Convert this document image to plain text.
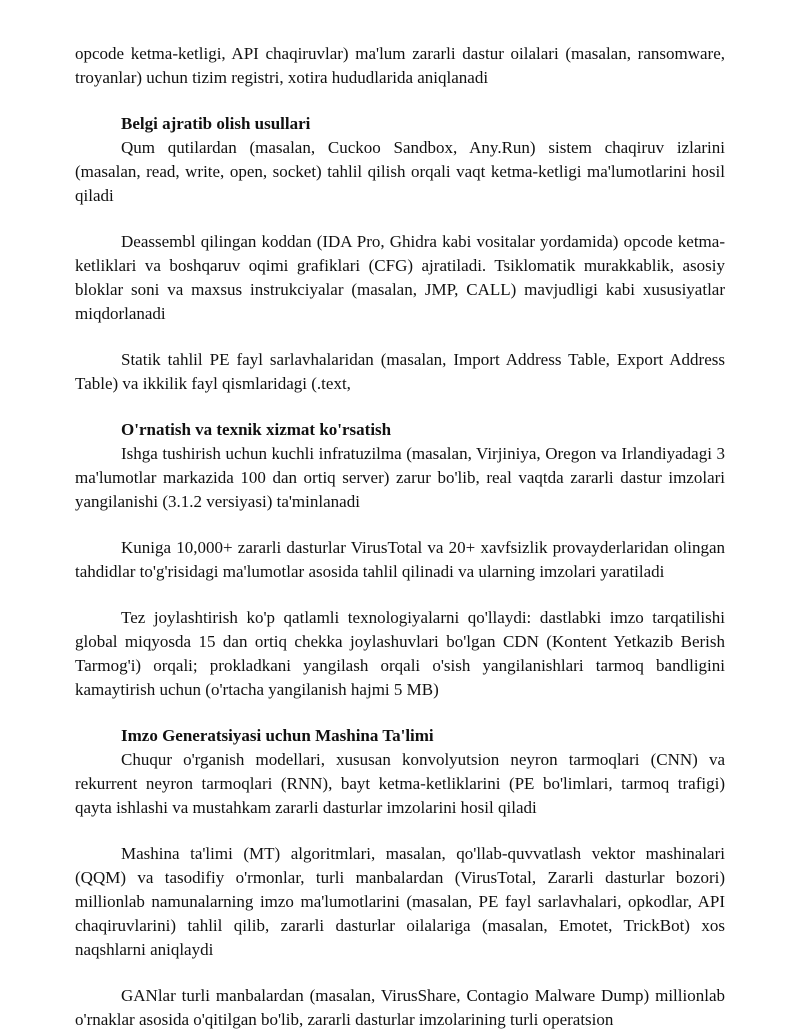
opcode ketma-ketligi, API chaqiruvlar) ma'lum zararli dastur oilalari (masalan, ransomware, troyanlar) uchun tizim registri, xotira hududlarida aniqlanadi

Belgi ajratib olish usullari

Qum qutilardan (masalan, Cuckoo Sandbox, Any.Run) sistem chaqiruv izlarini (masalan, read, write, open, socket) tahlil qilish orqali vaqt ketma-ketligi ma'lumotlarini hosil qiladi

Deassembl qilingan koddan (IDA Pro, Ghidra kabi vositalar yordamida) opcode ketma-ketliklari va boshqaruv oqimi grafiklari (CFG) ajratiladi. Tsiklomatik murakkablik, asosiy bloklar soni va maxsus instrukciyalar (masalan, JMP, CALL) mavjudligi kabi xususiyatlar miqdorlanadi

Statik tahlil PE fayl sarlavhalaridan (masalan, Import Address Table, Export Address Table) va ikkilik fayl qismlaridagi (.text,

O'rnatish va texnik xizmat ko'rsatish

Ishga tushirish uchun kuchli infratuzilma (masalan, Virjiniya, Oregon va Irlandiyadagi 3 ma'lumotlar markazida 100 dan ortiq server) zarur bo'lib, real vaqtda zararli dastur imzolari yangilanishi (3.1.2 versiyasi) ta'minlanadi

Kuniga 10,000+ zararli dasturlar VirusTotal va 20+ xavfsizlik provayderlaridan olingan tahdidlar to'g'risidagi ma'lumotlar asosida tahlil qilinadi va ularning imzolari yaratiladi

Tez joylashtirish ko'p qatlamli texnologiyalarni qo'llaydi: dastlabki imzo tarqatilishi global miqyosda 15 dan ortiq chekka joylashuvlari bo'lgan CDN (Kontent Yetkazib Berish Tarmog'i) orqali; prokladkani yangilash orqali o'sish yangilanishlari tarmoq bandligini kamaytirish uchun (o'rtacha yangilanish hajmi 5 MB)

Imzo Generatsiyasi uchun Mashina Ta'limi

Chuqur o'rganish modellari, xususan konvolyutsion neyron tarmoqlari (CNN) va rekurrent neyron tarmoqlari (RNN), bayt ketma-ketliklarini (PE bo'limlari, tarmoq trafigi) qayta ishlashi va mustahkam zararli dasturlar imzolarini hosil qiladi

Mashina ta'limi (MT) algoritmlari, masalan, qo'llab-quvvatlash vektor mashinalari (QQM) va tasodifiy o'rmonlar, turli manbalardan (VirusTotal, Zararli dasturlar bozori) millionlab namunalarning imzo ma'lumotlarini (masalan, PE fayl sarlavhalari, opkodlar, API chaqiruvlarini) tahlil qilib, zararli dasturlar oilalariga (masalan, Emotet, TrickBot) xos naqshlarni aniqlaydi

GANlar turli manbalardan (masalan, VirusShare, Contagio Malware Dump) millionlab o'rnaklar asosida o'qitilgan bo'lib, zararli dasturlar imzolarining turli operatsion
